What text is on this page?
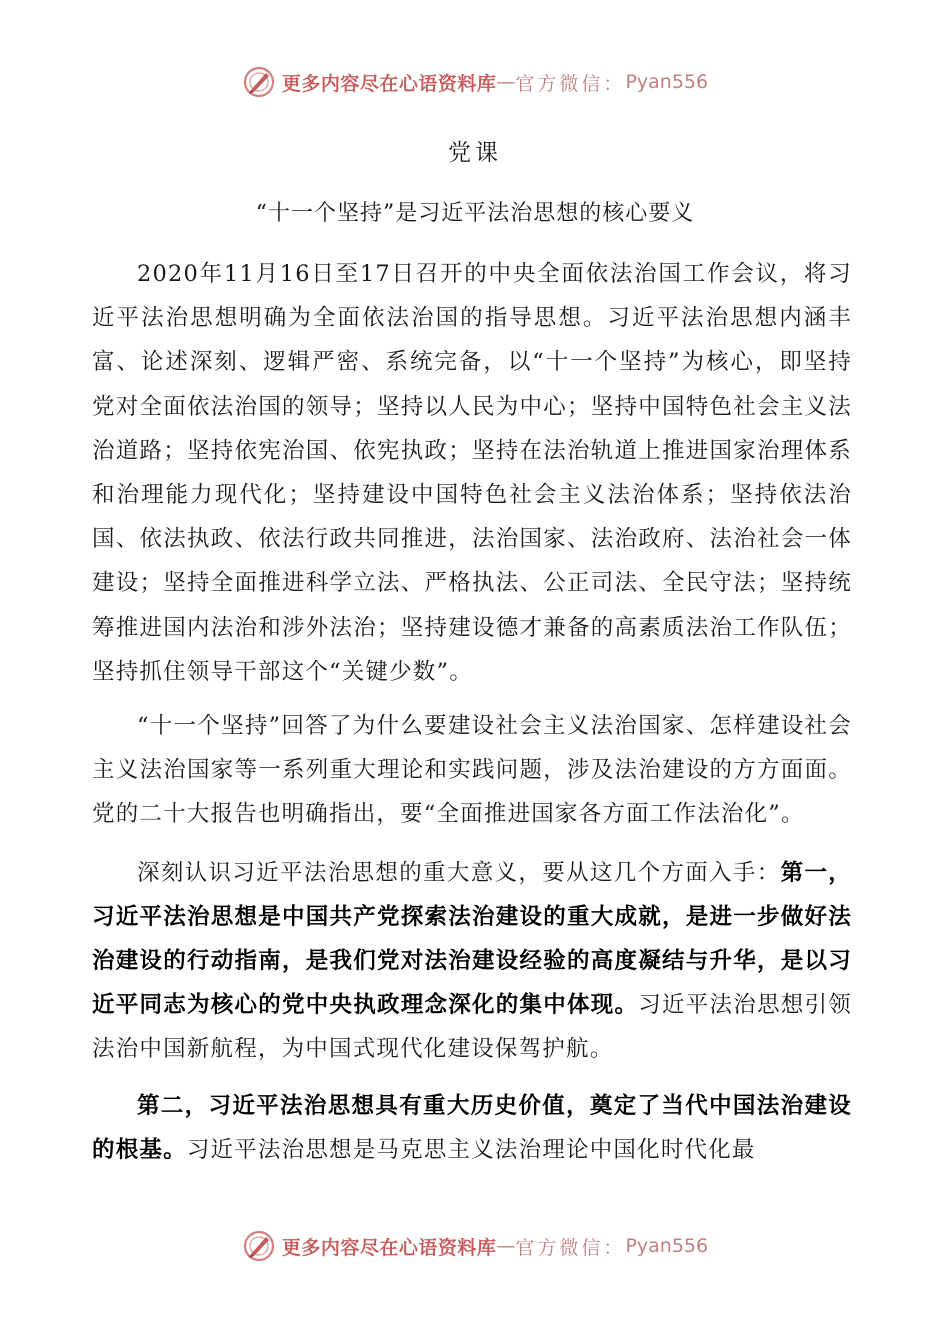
更多内容尽在心语资料库 — 官方微信： Pyan556
党课
“十一个坚持”是习近平法治思想的核心要义

2020年11月16日至17日召开的中央全面依法治国工作会议，将习近平法治思想明确为全面依法治国的指导思想。习近平法治思想内涵丰富、论述深刻、逻辑严密、系统完备，以“十一个坚持”为核心，即坚持党对全面依法治国的领导；坚持以人民为中心；坚持中国特色社会主义法治道路；坚持依宪治国、依宪执政；坚持在法治轨道上推进国家治理体系和治理能力现代化；坚持建设中国特色社会主义法治体系；坚持依法治国、依法执政、依法行政共同推进，法治国家、法治政府、法治社会一体建设；坚持全面推进科学立法、严格执法、公正司法、全民守法；坚持统筹推进国内法治和涉外法治；坚持建设德才兼备的高素质法治工作队伍；坚持抓住领导干部这个“关键少数”。

“十一个坚持”回答了为什么要建设社会主义法治国家、怎样建设社会主义法治国家等一系列重大理论和实践问题，涉及法治建设的方方面面。党的二十大报告也明确指出，要“全面推进国家各方面工作法治化”。

深刻认识习近平法治思想的重大意义，要从这几个方面入手：第一，习近平法治思想是中国共产党探索法治建设的重大成就，是进一步做好法治建设的行动指南，是我们党对法治建设经验的高度凝结与升华，是以习近平同志为核心的党中央执政理念深化的集中体现。习近平法治思想引领法治中国新航程，为中国式现代化建设保驾护航。

第二，习近平法治思想具有重大历史价值，奠定了当代中国法治建设的根基。习近平法治思想是马克思主义法治理论中国化时代化最

更多内容尽在心语资料库 — 官方微信： Pyan556
